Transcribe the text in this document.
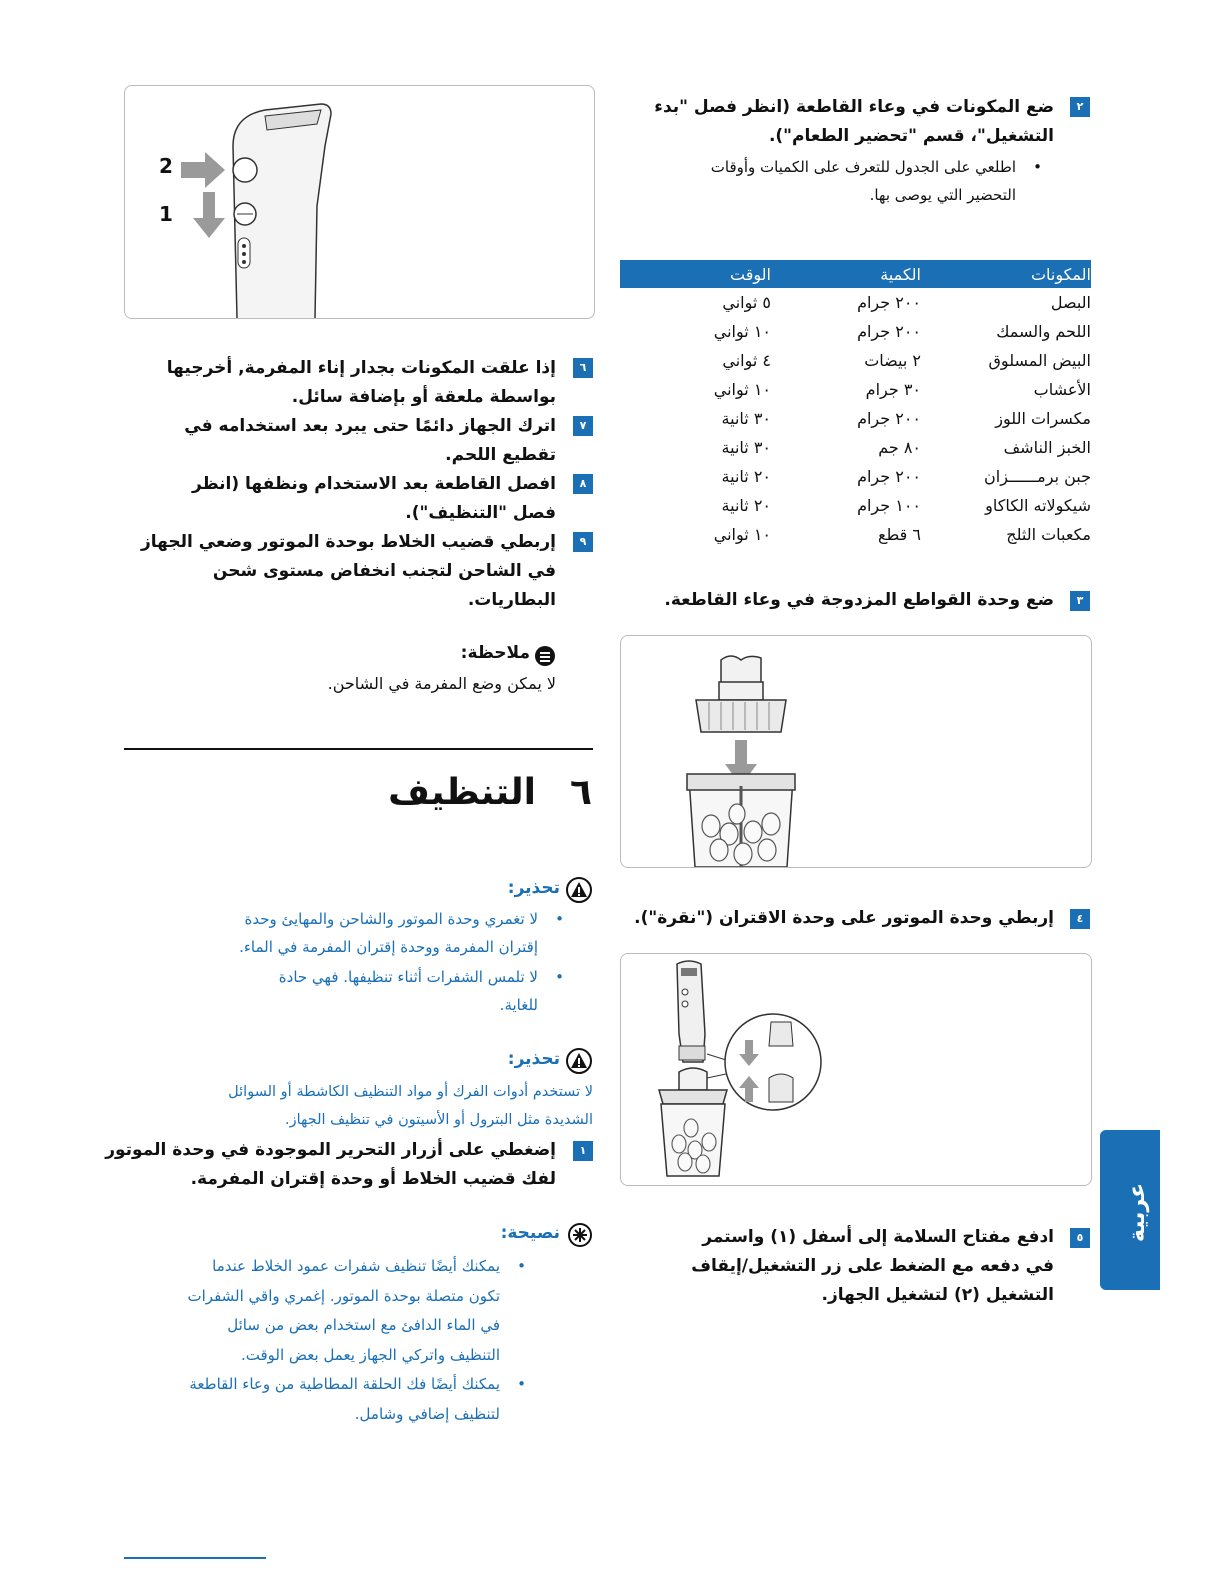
٢
ضع المكونات في وعاء القاطعة (انظر فصل "بدء
التشغيل"، قسم "تحضير الطعام").
•
اطلعي على الجدول للتعرف على الكميات وأوقات
التحضير التي يوصى بها.
المكونات	الكمية	الوقت
البصل	٢٠٠ جرام	٥ ثواني
اللحم والسمك	٢٠٠ جرام	١٠ ثواني
البيض المسلوق	٢ بيضات	٤ ثواني
الأعشاب	٣٠ جرام	١٠ ثواني
مكسرات اللوز	٢٠٠ جرام	٣٠ ثانية
الخبز الناشف	٨٠ جم	٣٠ ثانية
جبن برمــــــزان	٢٠٠ جرام	٢٠ ثانية
شيكولاته الكاكاو	١٠٠ جرام	٢٠ ثانية
مكعبات الثلج	٦ قطع	١٠ ثواني
٣
ضع وحدة القواطع المزدوجة في وعاء القاطعة.
٤
إربطي وحدة الموتور على وحدة الاقتران ("نقرة").
٥
ادفع مفتاح السلامة إلى أسفل (١) واستمر
في دفعه مع الضغط على زر التشغيل/إيقاف
التشغيل (٢) لتشغيل الجهاز.
2
1
٦
إذا علقت المكونات بجدار إناء المفرمة, أخرجيها
بواسطة ملعقة أو بإضافة سائل.
٧
اترك الجهاز دائمًا حتى يبرد بعد استخدامه في
تقطيع اللحم.
٨
افصل القاطعة بعد الاستخدام ونظفها (انظر
فصل "التنظيف").
٩
إربطي قضيب الخلاط بوحدة الموتور وضعي الجهاز
في الشاحن لتجنب انخفاض مستوى شحن
البطاريات.
ملاحظة:
لا يمكن وضع المفرمة في الشاحن.
٦
التنظيف
تحذير:
•
لا تغمري وحدة الموتور والشاحن والمهايئ وحدة
إقتران المفرمة ووحدة إقتران المفرمة في الماء.
•
لا تلمس الشفرات أثناء تنظيفها. فهي حادة
للغاية.
تحذير:
لا تستخدم أدوات الفرك أو مواد التنظيف الكاشطة أو السوائل
الشديدة مثل البترول أو الأسيتون في تنظيف الجهاز.
١
إضغطي على أزرار التحرير الموجودة في وحدة الموتور
لفك قضيب الخلاط أو وحدة إقتران المفرمة.
نصيحة:
•
يمكنك أيضًا تنظيف شفرات عمود الخلاط عندما
تكون متصلة بوحدة الموتور. إغمري واقي الشفرات
في الماء الدافئ مع استخدام بعض من سائل
التنظيف واتركي الجهاز يعمل بعض الوقت.
•
يمكنك أيضًا فك الحلقة المطاطية من وعاء القاطعة
لتنظيف إضافي وشامل.
عربية
